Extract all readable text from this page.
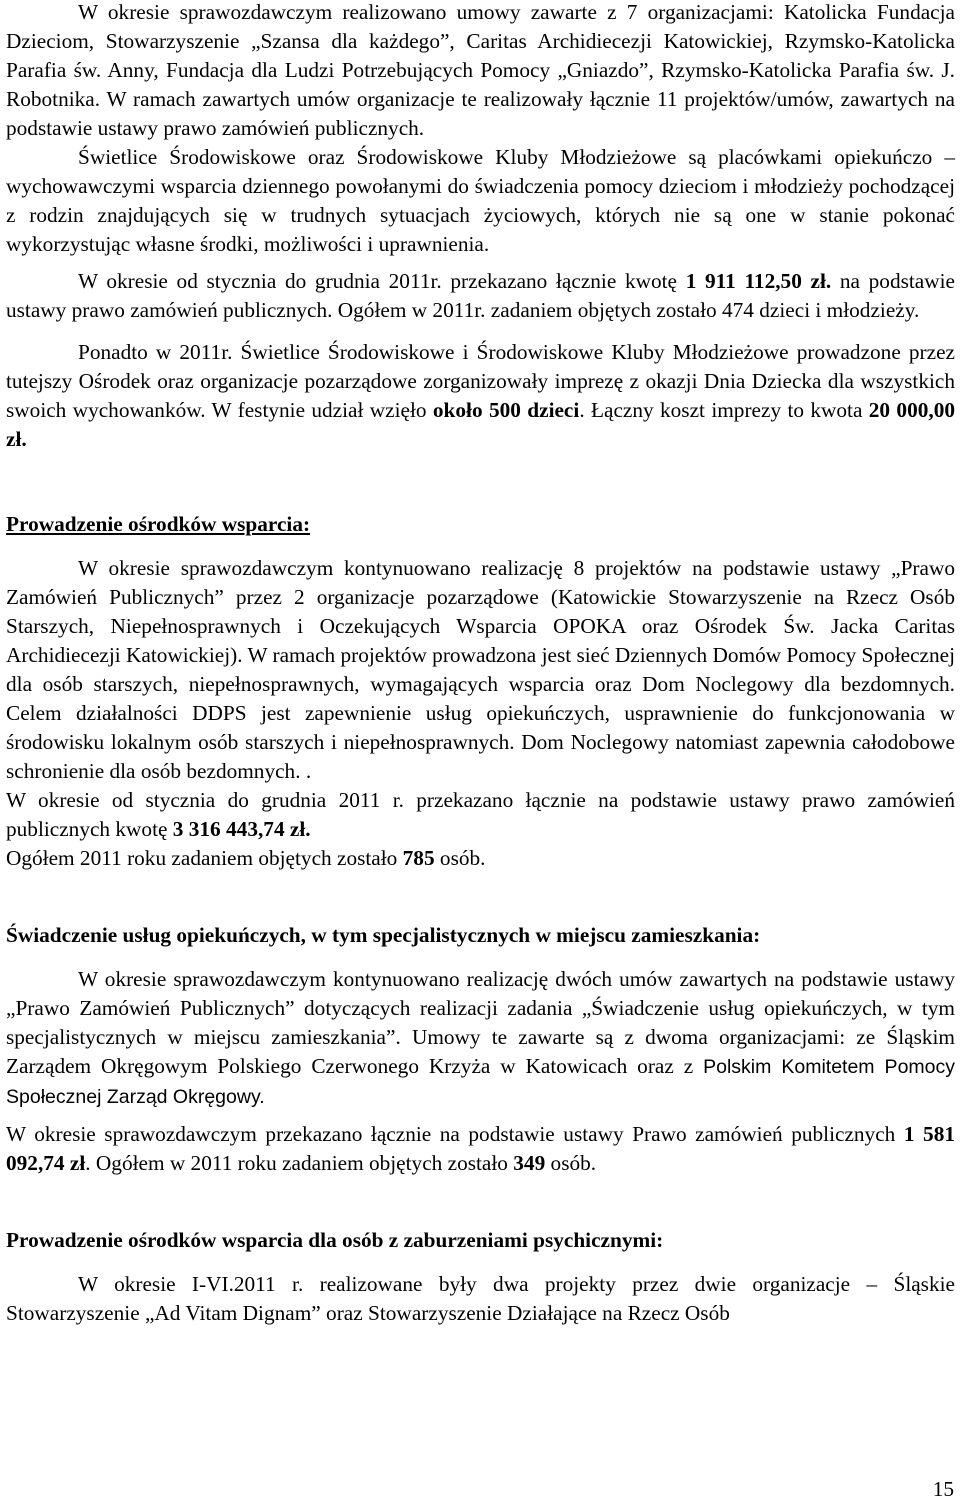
W okresie sprawozdawczym realizowano umowy zawarte z 7 organizacjami: Katolicka Fundacja Dzieciom, Stowarzyszenie „Szansa dla każdego”, Caritas Archidiecezji Katowickiej, Rzymsko-Katolicka Parafia św. Anny, Fundacja dla Ludzi Potrzebujących Pomocy „Gniazdo”, Rzymsko-Katolicka Parafia św. J. Robotnika. W ramach zawartych umów organizacje te realizowały łącznie 11 projektów/umów, zawartych na podstawie ustawy prawo zamówień publicznych.

Świetlice Środowiskowe oraz Środowiskowe Kluby Młodzieżowe są placówkami opiekuńczo – wychowawczymi wsparcia dziennego powołanymi do świadczenia pomocy dzieciom i młodzieży pochodzącej z rodzin znajdujących się w trudnych sytuacjach życiowych, których nie są one w stanie pokonać wykorzystując własne środki, możliwości i uprawnienia.

W okresie od stycznia do grudnia 2011r. przekazano łącznie kwotę 1 911 112,50 zł. na podstawie ustawy prawo zamówień publicznych. Ogółem w 2011r. zadaniem objętych zostało 474 dzieci i młodzieży.

Ponadto w 2011r. Świetlice Środowiskowe i Środowiskowe Kluby Młodzieżowe prowadzone przez tutejszy Ośrodek oraz organizacje pozarządowe zorganizowały imprezę z okazji Dnia Dziecka dla wszystkich swoich wychowanków. W festynie udział wzięło około 500 dzieci. Łączny koszt imprezy to kwota 20 000,00 zł.

Prowadzenie ośrodków wsparcia:

W okresie sprawozdawczym kontynuowano realizację 8 projektów na podstawie ustawy „Prawo Zamówień Publicznych” przez 2 organizacje pozarządowe (Katowickie Stowarzyszenie na Rzecz Osób Starszych, Niepełnosprawnych i Oczekujących Wsparcia OPOKA oraz Ośrodek Św. Jacka Caritas Archidiecezji Katowickiej). W ramach projektów prowadzona jest sieć Dziennych Domów Pomocy Społecznej dla osób starszych, niepełnosprawnych, wymagających wsparcia oraz Dom Noclegowy dla bezdomnych. Celem działalności DDPS jest zapewnienie usług opiekuńczych, usprawnienie do funkcjonowania w środowisku lokalnym osób starszych i niepełnosprawnych. Dom Noclegowy natomiast zapewnia całodobowe schronienie dla osób bezdomnych. .

W okresie od stycznia do grudnia 2011 r. przekazano łącznie na podstawie ustawy prawo zamówień publicznych kwotę 3 316 443,74 zł.

Ogółem 2011 roku zadaniem objętych zostało 785 osób.

Świadczenie usług opiekuńczych, w tym specjalistycznych w miejscu zamieszkania:

W okresie sprawozdawczym kontynuowano realizację dwóch umów zawartych na podstawie ustawy „Prawo Zamówień Publicznych” dotyczących realizacji zadania „Świadczenie usług opiekuńczych, w tym specjalistycznych w miejscu zamieszkania”. Umowy te zawarte są z dwoma organizacjami: ze Śląskim Zarządem Okręgowym Polskiego Czerwonego Krzyża w Katowicach oraz z Polskim Komitetem Pomocy Społecznej Zarząd Okręgowy.

W okresie sprawozdawczym przekazano łącznie na podstawie ustawy Prawo zamówień publicznych 1 581 092,74 zł. Ogółem w 2011 roku zadaniem objętych zostało 349 osób.

Prowadzenie ośrodków wsparcia dla osób z zaburzeniami psychicznymi:

W okresie I-VI.2011 r. realizowane były dwa projekty przez dwie organizacje – Śląskie Stowarzyszenie „Ad Vitam Dignam” oraz Stowarzyszenie Działające na Rzecz Osób

15
